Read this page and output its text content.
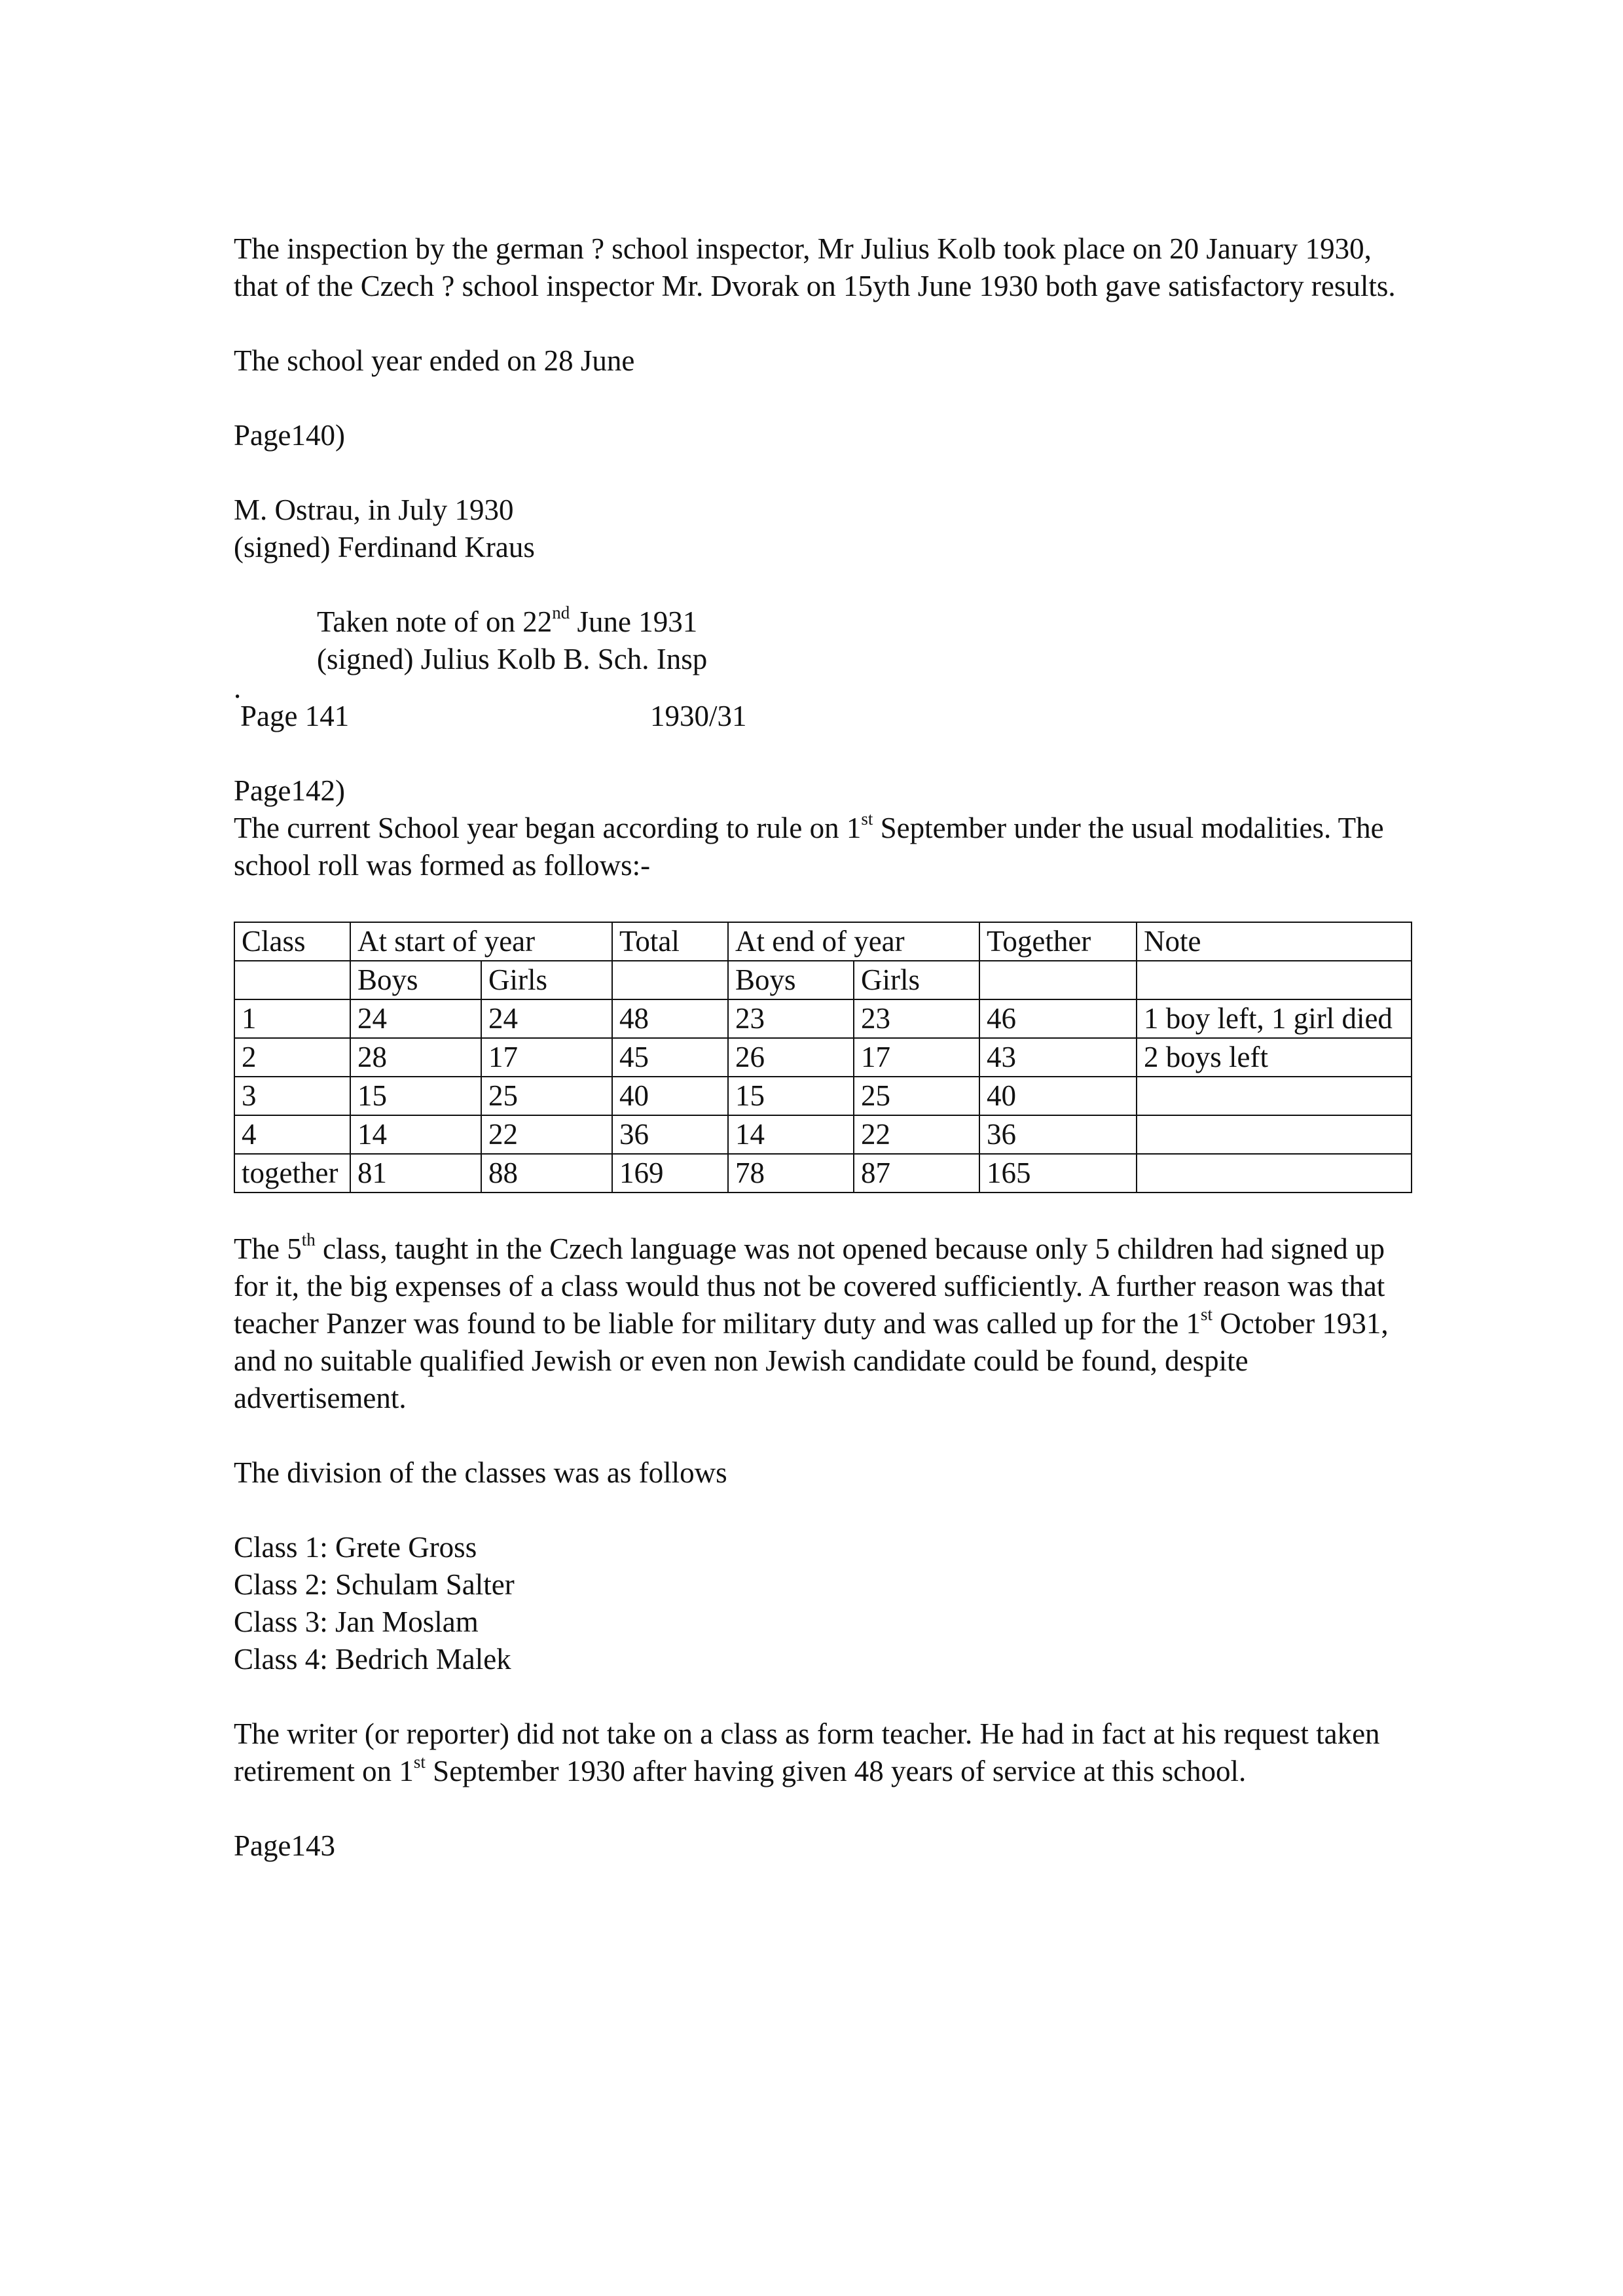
The inspection by the german ? school inspector, Mr Julius Kolb took place on 20 January 1930, that of the Czech ? school inspector Mr. Dvorak on 15yth June 1930 both gave satisfactory results.

The school year ended on 28 June

Page140)

M. Ostrau, in July 1930

(signed) Ferdinand Kraus

Taken note of on 22nd June 1931

(signed) Julius Kolb B. Sch. Insp

.

Page 141	1930/31

Page142)

The current School year began according to rule on 1st September under the usual modalities. The school roll was formed as follows:-

Class	At start of year		Total	At end of year		Together	Note
	Boys	Girls		Boys	Girls		
1	24	24	48	23	23	46	1 boy left, 1 girl died
2	28	17	45	26	17	43	2 boys left
3	15	25	40	15	25	40	
4	14	22	36	14	22	36	
together	81	88	169	78	87	165	

The 5th class, taught in the Czech language was not opened because only 5 children had signed up for it, the big expenses of a class would thus not be covered sufficiently. A further reason was that teacher Panzer was found to be liable for military duty and was called up for the 1st October 1931, and no suitable qualified Jewish or even non Jewish candidate could be found, despite advertisement.

The division of the classes was as follows

Class 1: Grete Gross

Class 2: Schulam Salter

Class 3: Jan Moslam

Class 4: Bedrich Malek

The writer (or reporter) did not take on a class as form teacher. He had in fact at his request taken retirement on 1st September 1930 after having given 48 years of service at this school.

Page143
